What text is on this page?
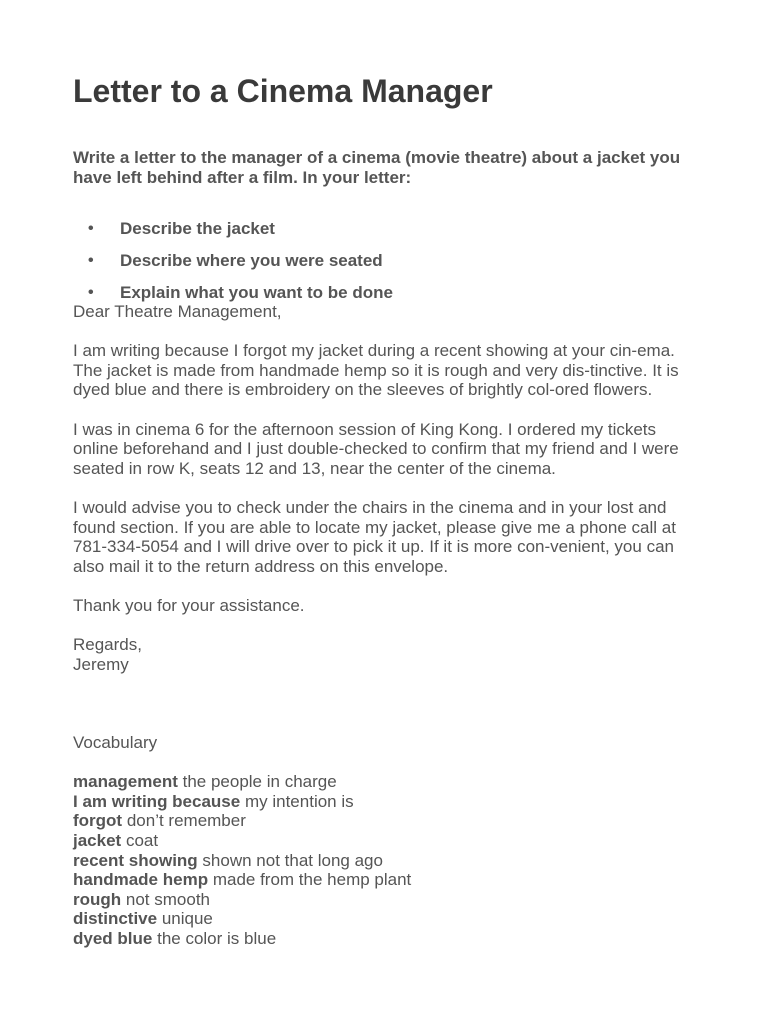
Letter to a Cinema Manager

Write a letter to the manager of a cinema (movie theatre) about a jacket you have left behind after a film. In your letter:

• Describe the jacket
• Describe where you were seated
• Explain what you want to be done

Dear Theatre Management,

I am writing because I forgot my jacket during a recent showing at your cin-ema. The jacket is made from handmade hemp so it is rough and very dis-tinctive. It is dyed blue and there is embroidery on the sleeves of brightly col-ored flowers.

I was in cinema 6 for the afternoon session of King Kong. I ordered my tickets online beforehand and I just double-checked to confirm that my friend and I were seated in row K, seats 12 and 13, near the center of the cinema.

I would advise you to check under the chairs in the cinema and in your lost and found section. If you are able to locate my jacket, please give me a phone call at 781-334-5054 and I will drive over to pick it up. If it is more con-venient, you can also mail it to the return address on this envelope.

Thank you for your assistance.

Regards,

Jeremy

Vocabulary
management the people in charge
I am writing because my intention is
forgot don’t remember
jacket coat
recent showing shown not that long ago
handmade hemp made from the hemp plant
rough not smooth
distinctive unique
dyed blue the color is blue
